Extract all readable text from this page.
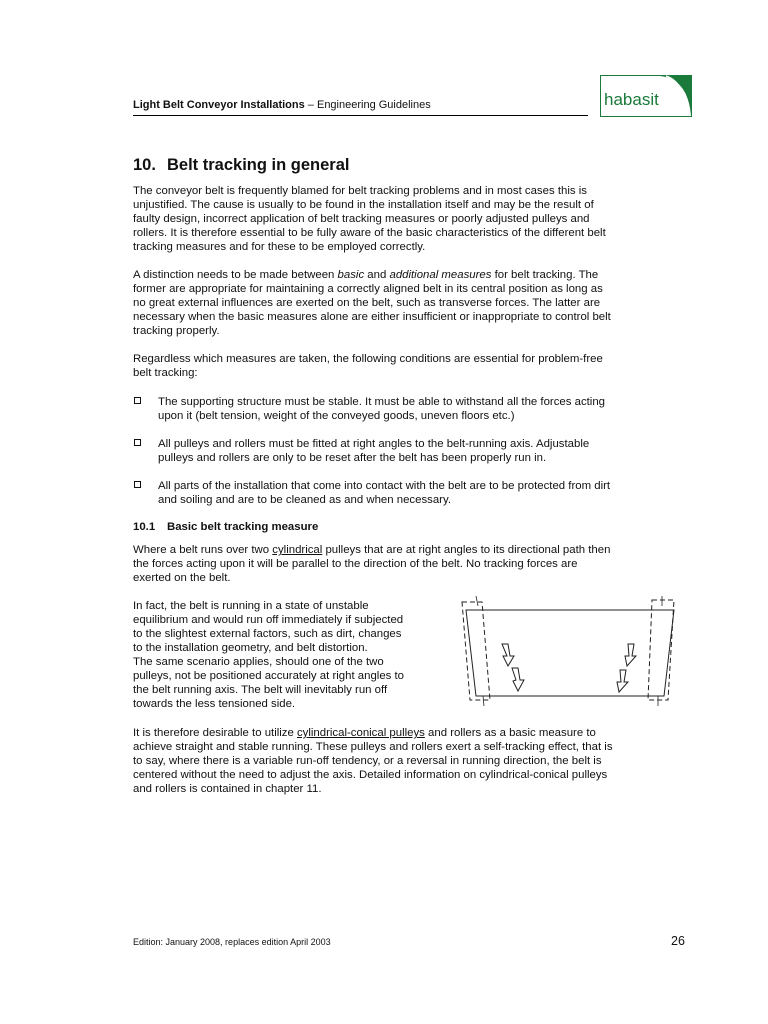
Light Belt Conveyor Installations – Engineering Guidelines	habasit
10. Belt tracking in general

The conveyor belt is frequently blamed for belt tracking problems and in most cases this is

unjustified. The cause is usually to be found in the installation itself and may be the result of

faulty design, incorrect application of belt tracking measures or poorly adjusted pulleys and

rollers. It is therefore essential to be fully aware of the basic characteristics of the different belt

tracking measures and for these to be employed correctly.

A distinction needs to be made between basic and additional measures for belt tracking. The

former are appropriate for maintaining a correctly aligned belt in its central position as long as

no great external influences are exerted on the belt, such as transverse forces. The latter are

necessary when the basic measures alone are either insufficient or inappropriate to control belt

tracking properly.

Regardless which measures are taken, the following conditions are essential for problem-free

belt tracking:

The supporting structure must be stable. It must be able to withstand all the forces acting
upon it (belt tension, weight of the conveyed goods, uneven floors etc.)
All pulleys and rollers must be fitted at right angles to the belt-running axis. Adjustable
pulleys and rollers are only to be reset after the belt has been properly run in.
All parts of the installation that come into contact with the belt are to be protected from dirt
and soiling and are to be cleaned as and when necessary.
10.1 Basic belt tracking measure

Where a belt runs over two cylindrical pulleys that are at right angles to its directional path then

the forces acting upon it will be parallel to the direction of the belt. No tracking forces are

exerted on the belt.

In fact, the belt is running in a state of unstable

equilibrium and would run off immediately if subjected

to the slightest external factors, such as dirt, changes

to the installation geometry, and belt distortion.

The same scenario applies, should one of the two

pulleys, not be positioned accurately at right angles to

the belt running axis. The belt will inevitably run off

towards the less tensioned side.

It is therefore desirable to utilize cylindrical-conical pulleys and rollers as a basic measure to

achieve straight and stable running. These pulleys and rollers exert a self-tracking effect, that is

to say, where there is a variable run-off tendency, or a reversal in running direction, the belt is

centered without the need to adjust the axis. Detailed information on cylindrical-conical pulleys

and rollers is contained in chapter 11.

Edition: January 2008, replaces edition April 2003	26
